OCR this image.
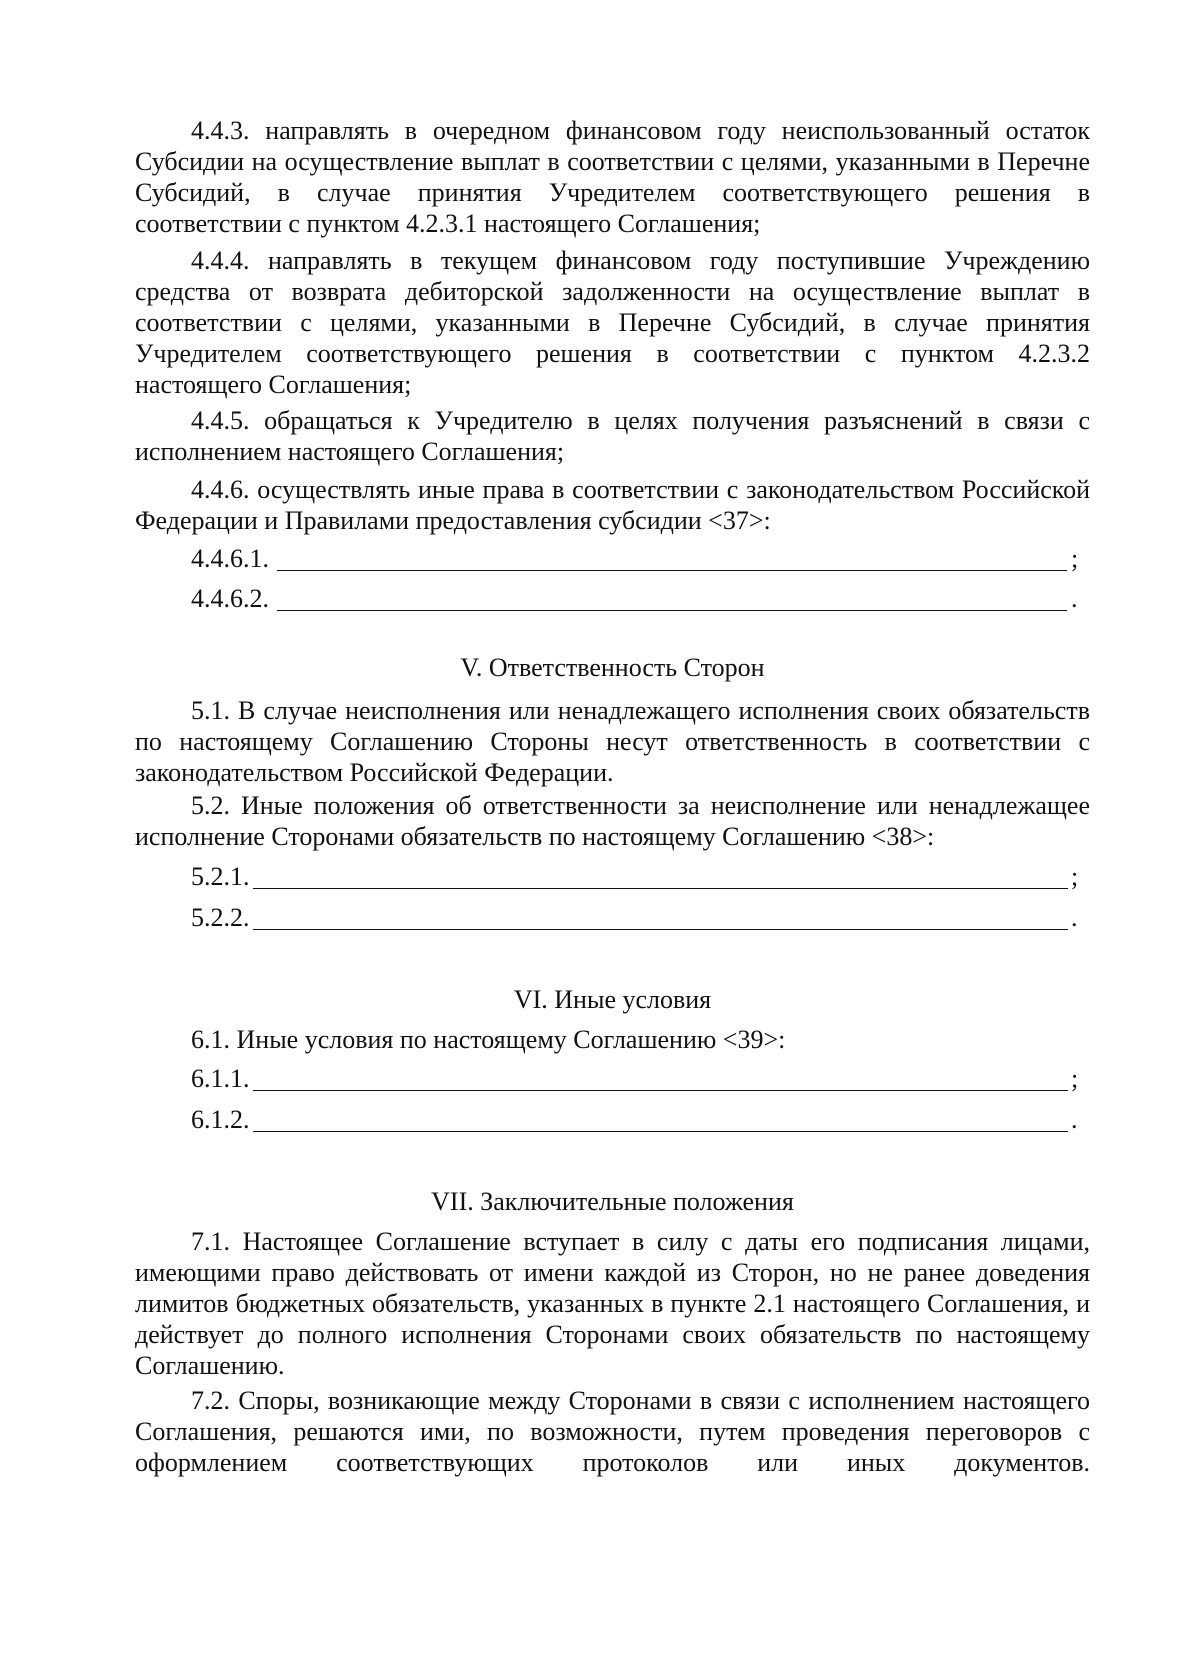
4.4.3. направлять в очередном финансовом году неиспользованный остаток Субсидии на осуществление выплат в соответствии с целями, указанными в Перечне Субсидий, в случае принятия Учредителем соответствующего решения в соответствии с пунктом 4.2.3.1 настоящего Соглашения;

4.4.4. направлять в текущем финансовом году поступившие Учреждению средства от возврата дебиторской задолженности на осуществление выплат в соответствии с целями, указанными в Перечне Субсидий, в случае принятия Учредителем соответствующего решения в соответствии с пунктом 4.2.3.2 настоящего Соглашения;

4.4.5. обращаться к Учредителю в целях получения разъяснений в связи с исполнением настоящего Соглашения;

4.4.6. осуществлять иные права в соответствии с законодательством Российской Федерации и Правилами предоставления субсидии <37>:

4.4.6.1.	;
4.4.6.2.	.
V. Ответственность Сторон

5.1. В случае неисполнения или ненадлежащего исполнения своих обязательств по настоящему Соглашению Стороны несут ответственность в соответствии с законодательством Российской Федерации.

5.2. Иные положения об ответственности за неисполнение или ненадлежащее исполнение Сторонами обязательств по настоящему Соглашению <38>:

5.2.1.	;
5.2.2.	.
VI. Иные условия

6.1. Иные условия по настоящему Соглашению <39>:

6.1.1.	;
6.1.2.	.
VII. Заключительные положения

7.1. Настоящее Соглашение вступает в силу с даты его подписания лицами, имеющими право действовать от имени каждой из Сторон, но не ранее доведения лимитов бюджетных обязательств, указанных в пункте 2.1 настоящего Соглашения, и действует до полного исполнения Сторонами своих обязательств по настоящему Соглашению.

7.2. Споры, возникающие между Сторонами в связи с исполнением настоящего Соглашения, решаются ими, по возможности, путем проведения переговоров с оформлением соответствующих протоколов или иных документов.
